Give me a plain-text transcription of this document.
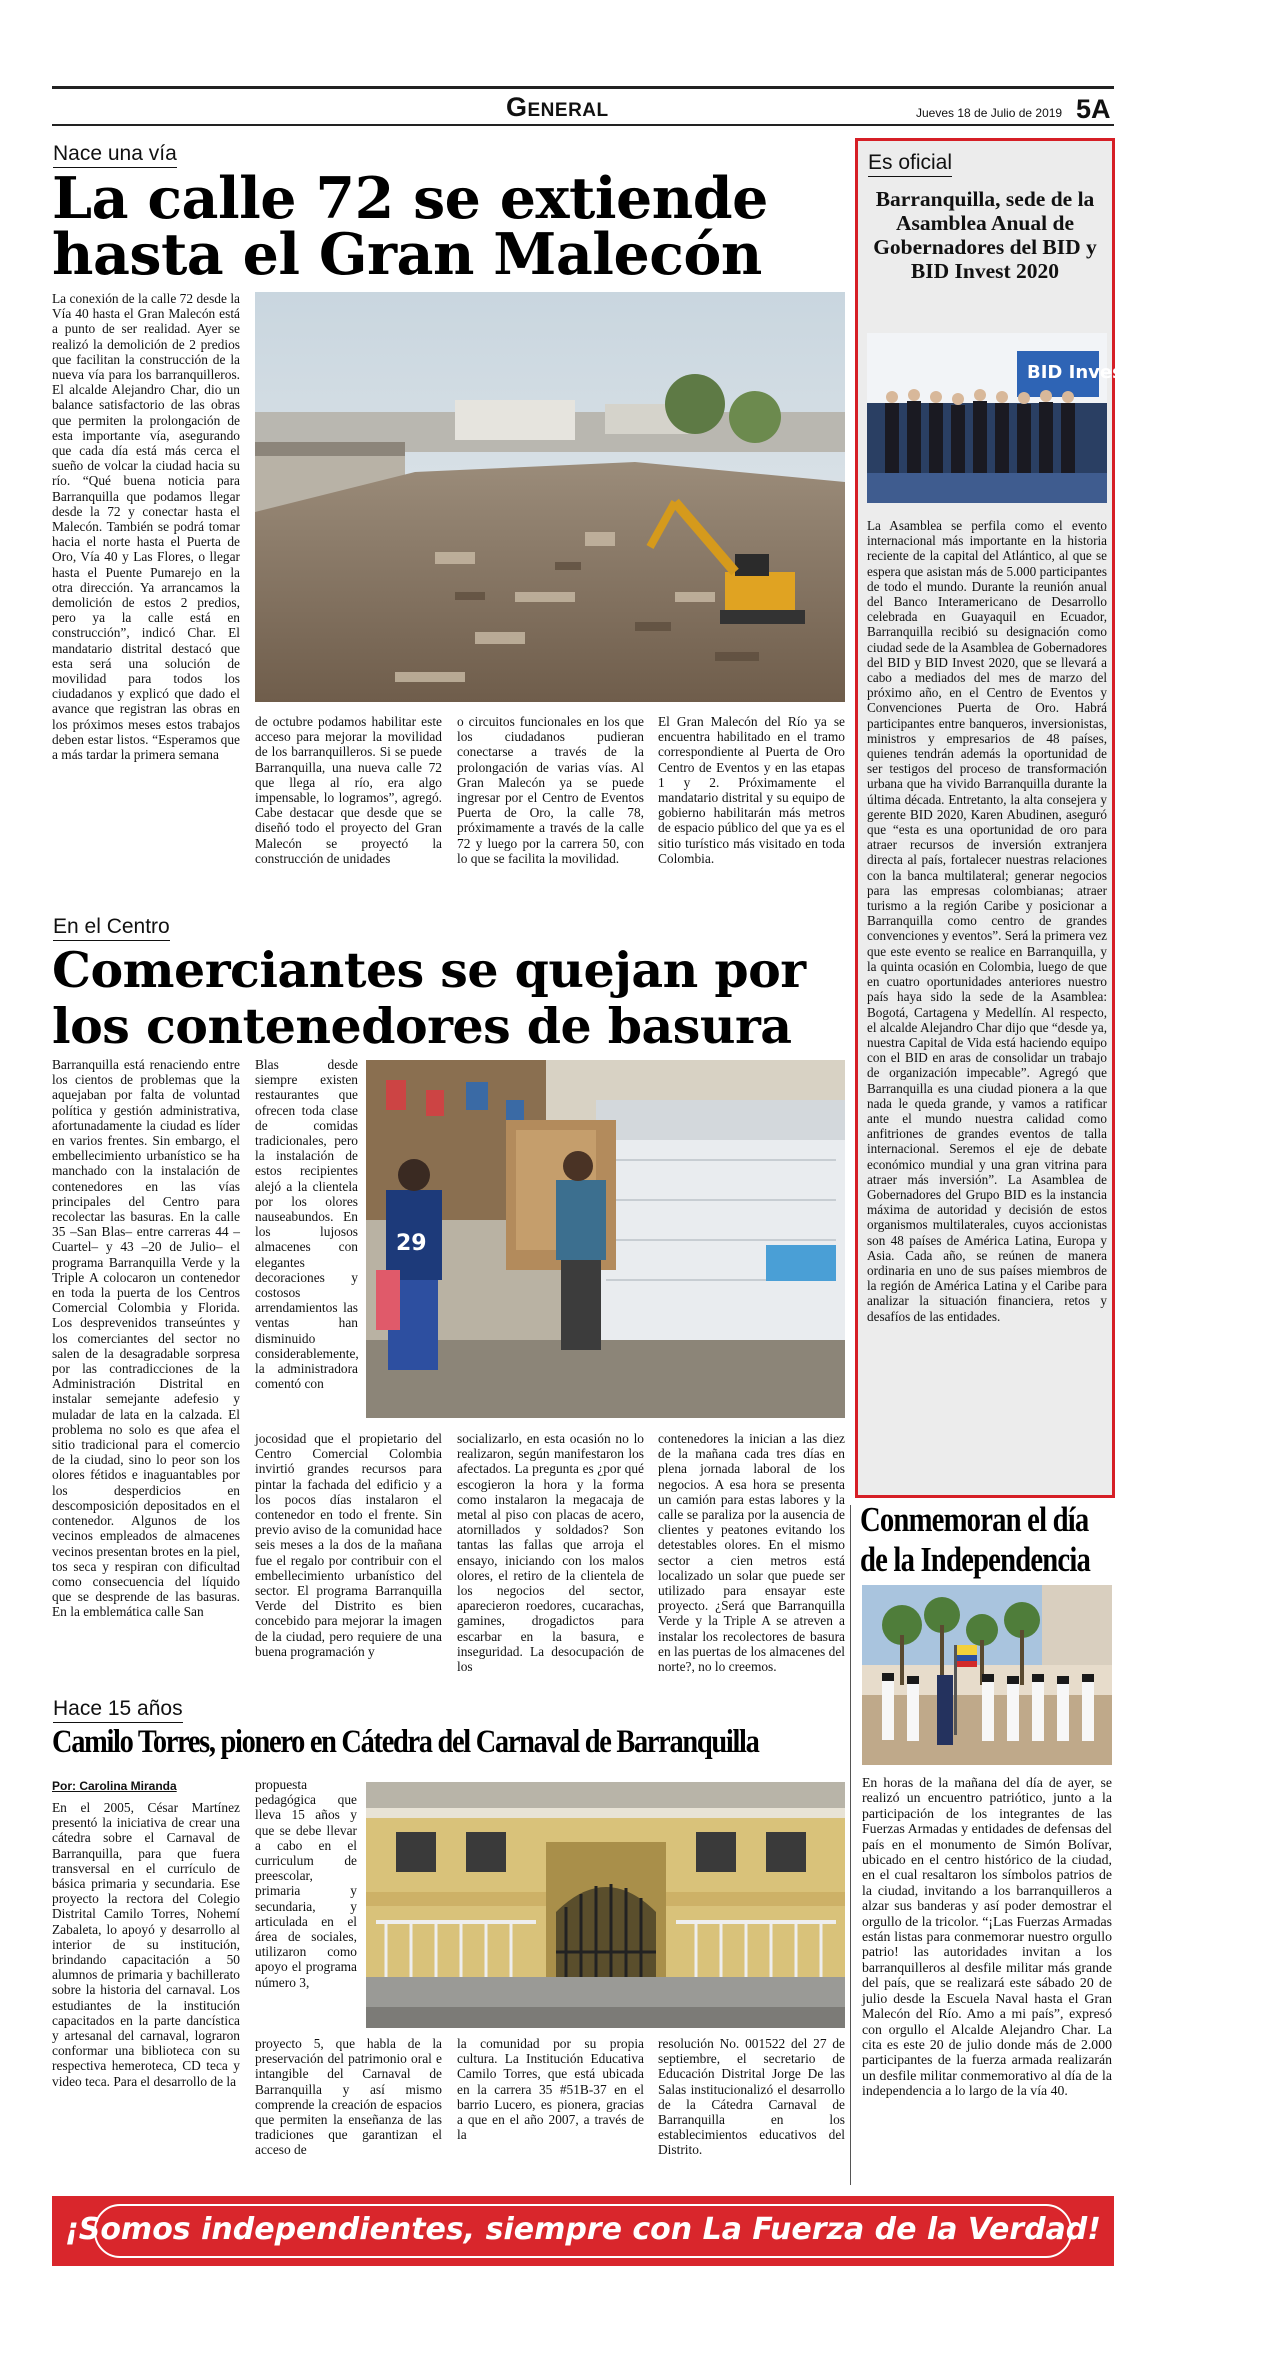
General	Jueves 18 de Julio de 2019 5A
Nace una vía
La calle 72 se extiende
hasta el Gran Malecón

La conexión de la calle 72 desde la Vía 40 hasta el Gran Malecón está a punto de ser realidad. Ayer se realizó la demolición de 2 predios que facilitan la construcción de la nueva vía para los barranquilleros. El alcalde Alejandro Char, dio un balance satisfactorio de las obras que permiten la prolongación de esta importante vía, asegurando que cada día está más cerca el sueño de volcar la ciudad hacia su río. “Qué buena noticia para Barranquilla que podamos llegar desde la 72 y conectar hasta el Malecón. También se podrá tomar hacia el norte hasta el Puerta de Oro, Vía 40 y Las Flores, o llegar hasta el Puente Pumarejo en la otra dirección. Ya arrancamos la demolición de estos 2 predios, pero ya la calle está en construcción”, indicó Char. El mandatario distrital destacó que esta será una solución de movilidad para todos los ciudadanos y explicó que dado el avance que registran las obras en los próximos meses estos trabajos deben estar listos. “Esperamos que a más tardar la primera semana

de octubre podamos habilitar este acceso para mejorar la movilidad de los barranquilleros. Si se puede Barranquilla, una nueva calle 72 que llega al río, era algo impensable, lo logramos”, agregó. Cabe destacar que desde que se diseñó todo el proyecto del Gran Malecón se proyectó la construcción de unidades

o circuitos funcionales en los que los ciudadanos pudieran conectarse a través de la prolongación de varias vías. Al Gran Malecón ya se puede ingresar por el Centro de Eventos Puerta de Oro, la calle 78, próximamente a través de la calle 72 y luego por la carrera 50, con lo que se facilita la movilidad.

El Gran Malecón del Río ya se encuentra habilitado en el tramo correspondiente al Puerta de Oro Centro de Eventos y en las etapas 1 y 2. Próximamente el mandatario distrital y su equipo de gobierno habilitarán más metros de espacio público del que ya es el sitio turístico más visitado en toda Colombia.

Es oficial
Barranquilla, sede de la Asamblea Anual de Gobernadores del BID y BID Invest 2020
BID Invest 2020

La Asamblea se perfila como el evento internacional más importante en la historia reciente de la capital del Atlántico, al que se espera que asistan más de 5.000 participantes de todo el mundo. Durante la reunión anual del Banco Interamericano de Desarrollo celebrada en Guayaquil en Ecuador, Barranquilla recibió su designación como ciudad sede de la Asamblea de Gobernadores del BID y BID Invest 2020, que se llevará a cabo a mediados del mes de marzo del próximo año, en el Centro de Eventos y Convenciones Puerta de Oro. Habrá participantes entre banqueros, inversionistas, ministros y empresarios de 48 países, quienes tendrán además la oportunidad de ser testigos del proceso de transformación urbana que ha vivido Barranquilla durante la última década. Entretanto, la alta consejera y gerente BID 2020, Karen Abudinen, aseguró que “esta es una oportunidad de oro para atraer recursos de inversión extranjera directa al país, fortalecer nuestras relaciones con la banca multilateral; generar negocios para las empresas colombianas; atraer turismo a la región Caribe y posicionar a Barranquilla como centro de grandes convenciones y eventos”. Será la primera vez que este evento se realice en Barranquilla, y la quinta ocasión en Colombia, luego de que en cuatro oportunidades anteriores nuestro país haya sido la sede de la Asamblea: Bogotá, Cartagena y Medellín. Al respecto, el alcalde Alejandro Char dijo que “desde ya, nuestra Capital de Vida está haciendo equipo con el BID en aras de consolidar un trabajo de organización impecable”. Agregó que Barranquilla es una ciudad pionera a la que nada le queda grande, y vamos a ratificar ante el mundo nuestra calidad como anfitriones de grandes eventos de talla internacional. Seremos el eje de debate económico mundial y una gran vitrina para atraer más inversión”. La Asamblea de Gobernadores del Grupo BID es la instancia máxima de autoridad y decisión de estos organismos multilaterales, cuyos accionistas son 48 países de América Latina, Europa y Asia. Cada año, se reúnen de manera ordinaria en uno de sus países miembros de la región de América Latina y el Caribe para analizar la situación financiera, retos y desafíos de las entidades.

En el Centro
Comerciantes se quejan por
los contenedores de basura

Barranquilla está renaciendo entre los cientos de problemas que la aquejaban por falta de voluntad política y gestión administrativa, afortunadamente la ciudad es líder en varios frentes. Sin embargo, el embellecimiento urbanístico se ha manchado con la instalación de contenedores en las vías principales del Centro para recolectar las basuras. En la calle 35 –San Blas– entre carreras 44 –Cuartel– y 43 –20 de Julio– el programa Barranquilla Verde y la Triple A colocaron un contenedor en toda la puerta de los Centros Comercial Colombia y Florida. Los desprevenidos transeúntes y los comerciantes del sector no salen de la desagradable sorpresa por las contradicciones de la Administración Distrital en instalar semejante adefesio y muladar de lata en la calzada. El problema no solo es que afea el sitio tradicional para el comercio de la ciudad, sino lo peor son los olores fétidos e inaguantables por los desperdicios en descomposición depositados en el contenedor. Algunos de los vecinos empleados de almacenes vecinos presentan brotes en la piel, tos seca y respiran con dificultad como consecuencia del líquido que se desprende de las basuras. En la emblemática calle San

Blas desde siempre existen restaurantes que ofrecen toda clase de comidas tradicionales, pero la instalación de estos recipientes alejó a la clientela por los olores nauseabundos. En los lujosos almacenes con elegantes decoraciones y costosos arrendamientos las ventas han disminuido considerablemente, la administradora comentó con

29

jocosidad que el propietario del Centro Comercial Colombia invirtió grandes recursos para pintar la fachada del edificio y a los pocos días instalaron el contenedor en todo el frente. Sin previo aviso de la comunidad hace seis meses a la dos de la mañana fue el regalo por contribuir con el embellecimiento urbanístico del sector. El programa Barranquilla Verde del Distrito es bien concebido para mejorar la imagen de la ciudad, pero requiere de una buena programación y

socializarlo, en esta ocasión no lo realizaron, según manifestaron los afectados. La pregunta es ¿por qué escogieron la hora y la forma como instalaron la megacaja de metal al piso con placas de acero, atornillados y soldados? Son tantas las fallas que arroja el ensayo, iniciando con los malos olores, el retiro de la clientela de los negocios del sector, aparecieron roedores, cucarachas, gamines, drogadictos para escarbar en la basura, e inseguridad. La desocupación de los

contenedores la inician a las diez de la mañana cada tres días en plena jornada laboral de los negocios. A esa hora se presenta un camión para estas labores y la calle se paraliza por la ausencia de clientes y peatones evitando los detestables olores. En el mismo sector a cien metros está localizado un solar que puede ser utilizado para ensayar este proyecto. ¿Será que Barranquilla Verde y la Triple A se atreven a instalar los recolectores de basura en las puertas de los almacenes del norte?, no lo creemos.

Hace 15 años
Camilo Torres, pionero en Cátedra del Carnaval de Barranquilla
Por: Carolina Miranda

En el 2005, César Martínez presentó la iniciativa de crear una cátedra sobre el Carnaval de Barranquilla, para que fuera transversal en el currículo de básica primaria y secundaria. Ese proyecto la rectora del Colegio Distrital Camilo Torres, Nohemí Zabaleta, lo apoyó y desarrollo al interior de su institución, brindando capacitación a 50 alumnos de primaria y bachillerato sobre la historia del carnaval. Los estudiantes de la institución capacitados en la parte dancística y artesanal del carnaval, lograron conformar una biblioteca con su respectiva hemeroteca, CD teca y video teca. Para el desarrollo de la

propuesta pedagógica que lleva 15 años y que se debe llevar a cabo en el curriculum de preescolar, primaria y secundaria, y articulada en el área de sociales, utilizaron como apoyo el programa número 3,

proyecto 5, que habla de la preservación del patrimonio oral e intangible del Carnaval de Barranquilla y así mismo comprende la creación de espacios que permiten la enseñanza de las tradiciones que garantizan el acceso de

la comunidad por su propia cultura. La Institución Educativa Camilo Torres, que está ubicada en la carrera 35 #51B-37 en el barrio Lucero, es pionera, gracias a que en el año 2007, a través de la

resolución No. 001522 del 27 de septiembre, el secretario de Educación Distrital Jorge De las Salas institucionalizó el desarrollo de la Cátedra Carnaval de Barranquilla en los establecimientos educativos del Distrito.

Conmemoran el día
de la Independencia

En horas de la mañana del día de ayer, se realizó un encuentro patriótico, junto a la participación de los integrantes de las Fuerzas Armadas y entidades de defensas del país en el monumento de Simón Bolívar, ubicado en el centro histórico de la ciudad, en el cual resaltaron los símbolos patrios de la ciudad, invitando a los barranquilleros a alzar sus banderas y así poder demostrar el orgullo de la tricolor. “¡Las Fuerzas Armadas están listas para conmemorar nuestro orgullo patrio! las autoridades invitan a los barranquilleros al desfile militar más grande del país, que se realizará este sábado 20 de julio desde la Escuela Naval hasta el Gran Malecón del Río. Amo a mi país”, expresó con orgullo el Alcalde Alejandro Char. La cita es este 20 de julio donde más de 2.000 participantes de la fuerza armada realizarán un desfile militar conmemorativo al día de la independencia a lo largo de la vía 40.

¡Somos independientes, siempre con La Fuerza de la Verdad!
